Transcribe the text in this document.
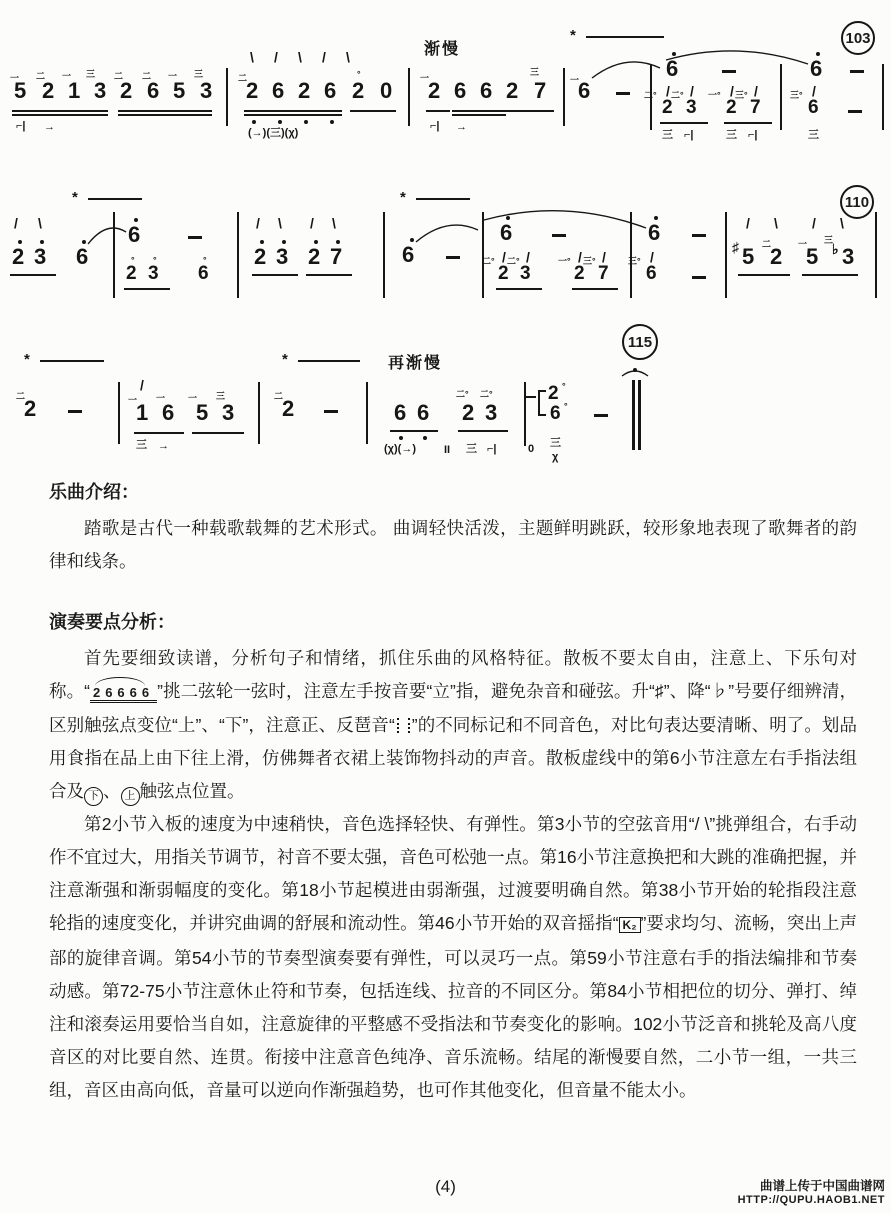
一
5
二
2
一
1
三
3
⌐| →
二
2
二
6
一
5
三
3
\ / \ / \
二
2 6 2 6
°
2 0
(→)(三)(χ)
渐慢
一
2 6 6
三
2 7
⌐| →
*
一
6
6
二° / 二° /
2 3
三 ⌐|
一° / 三° /
2 7
三 ⌐|
6
三° /
6
三
103
/ \
2 3 6
*
6
° °
2 3
°
6
/ \
2 3
/ \
2 7
*
6
6
二° / 二° /
2 3
一° / 三° /
2 7
6
三° /
6
/ \
♯ 5 二
2
/ \
一
5
三
♭ 3
110
*
二
2
/
一
1
一
6
一
5
三
3
三 →
*
二
2
再渐慢
6 6
(χ)(→)
二° 二°
2 3
II 三 ⌐|
2 °
6 °
0 三
χ
115
乐曲介绍：

踏歌是古代一种载歌载舞的艺术形式。 曲调轻快活泼，主题鲜明跳跃，较形象地表现了歌舞者的韵律和线条。

演奏要点分析：

首先要细致读谱，分析句子和情绪，抓住乐曲的风格特征。散板不要太自由，注意上、下乐句对称。“ 26666 ”挑二弦轮一弦时，注意左手按音要“立”指，避免杂音和碰弦。升“♯”、降“♭”号要仔细辨清，区别触弦点变位“上”、“下”，注意正、反琶音“ ”的不同标记和不同音色，对比句表达要清晰、明了。划品用食指在品上由下往上滑，仿佛舞者衣裙上装饰物抖动的声音。散板虚线中的第6小节注意左右手指法组合及 下 、 上 触弦点位置。

第2小节入板的速度为中速稍快，音色选择轻快、有弹性。第3小节的空弦音用“/ \”挑弹组合，右手动作不宜过大，用指关节调节，衬音不要太强，音色可松弛一点。第16小节注意换把和大跳的准确把握，并注意渐强和渐弱幅度的变化。第18小节起模进由弱渐强，过渡要明确自然。第38小节开始的轮指段注意轮指的速度变化，并讲究曲调的舒展和流动性。第46小节开始的双音摇指“ K₂ ”要求均匀、流畅，突出上声部的旋律音调。第54小节的节奏型演奏要有弹性，可以灵巧一点。第59小节注意右手的指法编排和节奏动感。第72-75小节注意休止符和节奏，包括连线、拉音的不同区分。第84小节相把位的切分、弹打、绰注和滚奏运用要恰当自如，注意旋律的平整感不受指法和节奏变化的影响。102小节泛音和挑轮及高八度音区的对比要自然、连贯。衔接中注意音色纯净、音乐流畅。结尾的渐慢要自然，二小节一组，一共三组，音区由高向低，音量可以逆向作渐强趋势，也可作其他变化，但音量不能太小。

(4)	曲谱上传于中国曲谱网
HTTP://QUPU.HAOB1.NET
